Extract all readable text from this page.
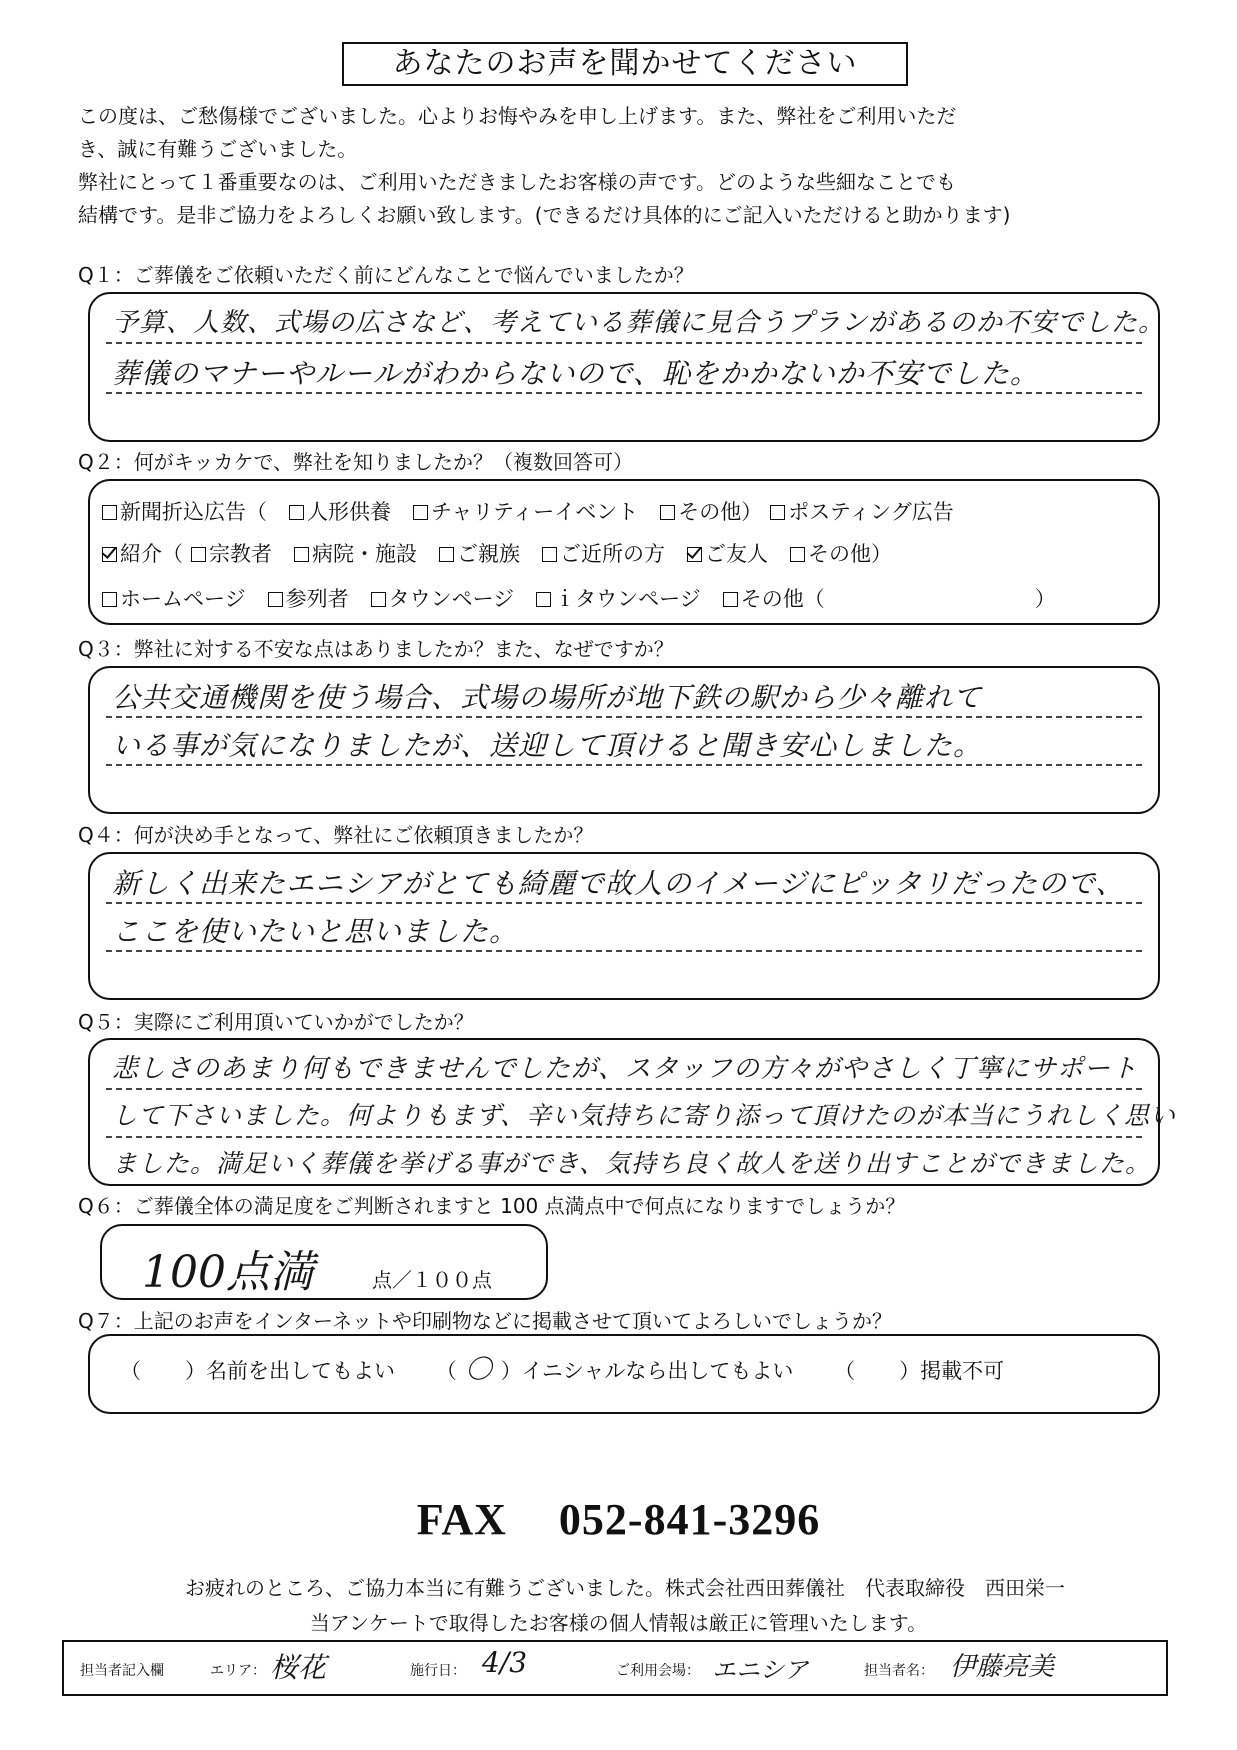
あなたのお声を聞かせてください

この度は、ご愁傷様でございました。心よりお悔やみを申し上げます。また、弊社をご利用いただ

き、誠に有難うございました。

弊社にとって１番重要なのは、ご利用いただきましたお客様の声です。どのような些細なことでも

結構です。是非ご協力をよろしくお願い致します。(できるだけ具体的にご記入いただけると助かります)

Q１：ご葬儀をご依頼いただく前にどんなことで悩んでいましたか？
予算、人数、式場の広さなど、考えている葬儀に見合うプランがあるのか不安でした。
葬儀のマナーやルールがわからないので、恥をかかないか不安でした。
Q２：何がキッカケで、弊社を知りましたか？（複数回答可）
新聞折込広告（ 人形供養 チャリティーイベント その他） ポスティング広告
紹介（ 宗教者 病院・施設 ご親族 ご近所の方 ご友人 その他）
ホームページ 参列者 タウンページ ｉタウンページ その他（　　　　　　　　　　）
Q３：弊社に対する不安な点はありましたか？また、なぜですか？
公共交通機関を使う場合、式場の場所が地下鉄の駅から少々離れて
いる事が気になりましたが、送迎して頂けると聞き安心しました。
Q４：何が決め手となって、弊社にご依頼頂きましたか？
新しく出来たエニシアがとても綺麗で故人のイメージにピッタリだったので、
ここを使いたいと思いました。
Q５：実際にご利用頂いていかがでしたか？
悲しさのあまり何もできませんでしたが、スタッフの方々がやさしく丁寧にサポート
して下さいました。何よりもまず、辛い気持ちに寄り添って頂けたのが本当にうれしく思い
ました。満足いく葬儀を挙げる事ができ、気持ち良く故人を送り出すことができました。
Q６：ご葬儀全体の満足度をご判断されますと 100 点満点中で何点になりますでしょうか？
100点満	点／１００点
Q７：上記のお声をインターネットや印刷物などに掲載させて頂いてよろしいでしょうか？
（ ）名前を出してもよい （ 〇 ）イニシャルなら出してもよい （ ）掲載不可
FAX 052-841-3296
お疲れのところ、ご協力本当に有難うございました。株式会社西田葬儀社　代表取締役　西田栄一
当アンケートで取得したお客様の個人情報は厳正に管理いたします。
担当者記入欄	エリア： 桜花	施行日： 4/3	ご利用会場： エニシア	担当者名： 伊藤亮美
